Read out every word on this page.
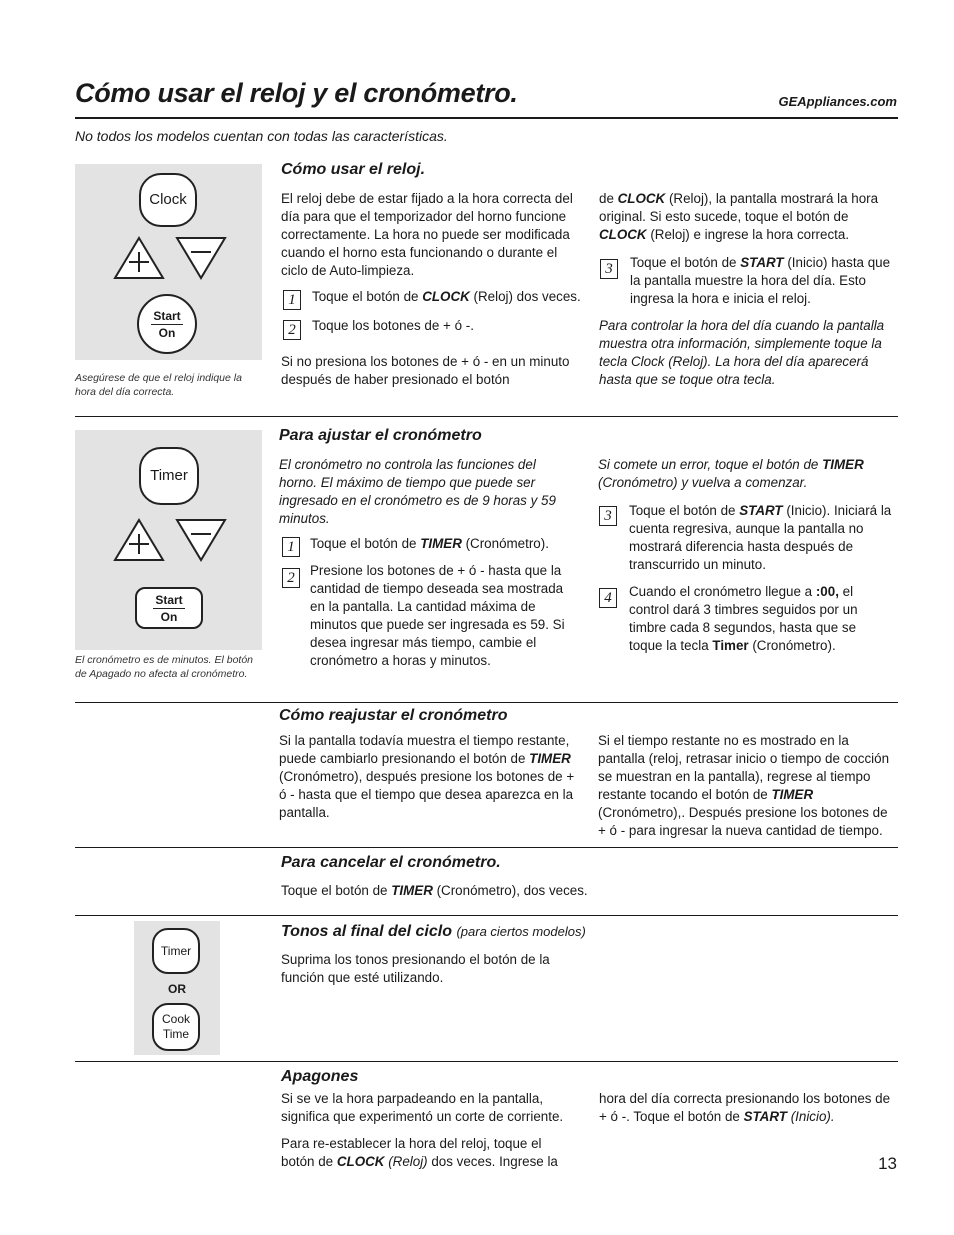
Cómo usar el reloj y el cronómetro.	GEAppliances.com
No todos los modelos cuentan con todas las características.
Clock
Start
On
Asegúrese de que el reloj indique la hora del día correcta.
Cómo usar el reloj.
El reloj debe de estar fijado a la hora correcta del día para que el temporizador del horno funcione correctamente. La hora no puede ser modificada cuando el horno esta funcionando o durante el ciclo de Auto-limpieza.
1	Toque el botón de CLOCK (Reloj) dos veces.
2	Toque los botones de + ó -.
Si no presiona los botones de + ó - en un minuto después de haber presionado el botón
de CLOCK (Reloj), la pantalla mostrará la hora original. Si esto sucede, toque el botón de CLOCK (Reloj) e ingrese la hora correcta.
3	Toque el botón de START (Inicio) hasta que la pantalla muestre la hora del día. Esto ingresa la hora e inicia el reloj.
Para controlar la hora del día cuando la pantalla muestra otra información, simplemente toque la tecla Clock (Reloj). La hora del día aparecerá hasta que se toque otra tecla.
Timer
Start
On
El cronómetro es de minutos. El botón de Apagado no afecta al cronómetro.
Para ajustar el cronómetro
El cronómetro no controla las funciones del horno. El máximo de tiempo que puede ser ingresado en el cronómetro es de 9 horas y 59 minutos.
1	Toque el botón de TIMER (Cronómetro).
2	Presione los botones de + ó - hasta que la cantidad de tiempo deseada sea mostrada en la pantalla. La cantidad máxima de minutos que puede ser ingresada es 59. Si desea ingresar más tiempo, cambie el cronómetro a horas y minutos.
Si comete un error, toque el botón de TIMER (Cronómetro) y vuelva a comenzar.
3	Toque el botón de START (Inicio). Iniciará la cuenta regresiva, aunque la pantalla no mostrará diferencia hasta después de transcurrido un minuto.
4	Cuando el cronómetro llegue a :00, el control dará 3 timbres seguidos por un timbre cada 8 segundos, hasta que se toque la tecla Timer (Cronómetro).
Cómo reajustar el cronómetro
Si la pantalla todavía muestra el tiempo restante, puede cambiarlo presionando el botón de TIMER (Cronómetro), después presione los botones de + ó - hasta que el tiempo que desea aparezca en la pantalla.
Si el tiempo restante no es mostrado en la pantalla (reloj, retrasar inicio o tiempo de cocción se muestran en la pantalla), regrese al tiempo restante tocando el botón de TIMER (Cronómetro),. Después presione los botones de + ó - para ingresar la nueva cantidad de tiempo.
Para cancelar el cronómetro.
Toque el botón de TIMER (Cronómetro), dos veces.
Timer
OR
Cook Time
Tonos al final del ciclo (para ciertos modelos)
Suprima los tonos presionando el botón de la función que esté utilizando.
Apagones
Si se ve la hora parpadeando en la pantalla, significa que experimentó un corte de corriente.
Para re-establecer la hora del reloj, toque el botón de CLOCK (Reloj) dos veces. Ingrese la
hora del día correcta presionando los botones de + ó -. Toque el botón de START (Inicio).
13
